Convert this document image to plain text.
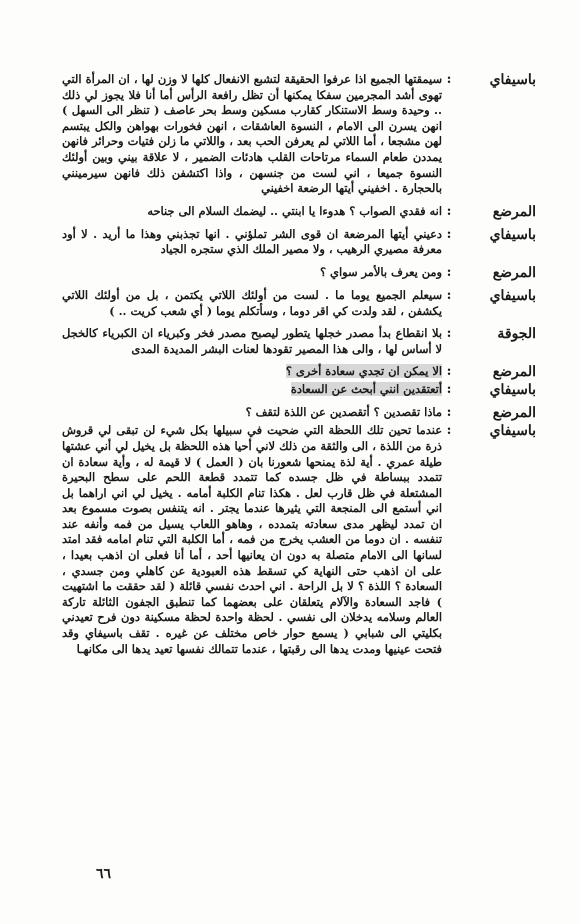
باسيفاي
:
سيمقتها الجميع اذا عرفوا الحقيقة لتشبع الانفعال كلها لا وزن لها ، ان المرأة التي تهوى أشد المجرمين سفكا يمكنها أن تظل رافعة الرأس أما أنا فلا يجوز لي ذلك .. وحيدة وسط الاستنكار كقارب مسكين وسط بحر عاصف ( تنظر الى السهل ) انهن يسرن الى الامام ، النسوة العاشقات ، انهن فخورات بهواهن والكل يبتسم لهن مشجعا ، أما اللاتي لم يعرفن الحب بعد ، واللاتي ما زلن فتيات وحرائر فانهن يمددن طعام السماء مرتاحات القلب هادئات الضمير ، لا علاقة بيني وبين أولئك النسوة جميعا ، اني لست من جنسهن ، واذا اكتشفن ذلك فانهن سيرمينني بالحجارة . اخفيني أيتها الرضعة اخفيني
المرضع
:
انه فقدي الصواب ؟ هدوءا يا ابنتي .. ليضمك السلام الى جناحه
باسيفاي
:
دعيني أيتها المرضعة ان قوى الشر تملؤني . انها تجذبني وهذا ما أريد . لا أود معرفة مصيري الرهيب ، ولا مصير الملك الذي ستجره الجياد
المرضع
:
ومن يعرف بالأمر سواي ؟
باسيفاي
:
سيعلم الجميع يوما ما . لست من أولئك اللاتي يكتمن ، بل من أولئك اللاتي يكشفن ، لقد ولدت كي اقر دوما ، وسأتكلم يوما ( أي شعب كريت .. )
الجوقة
:
بلا انقطاع بدأ مصدر خجلها يتطور ليصبح مصدر فخر وكبرياء ان الكبرياء كالخجل لا أساس لها ، والى هذا المصير تقودها لعنات البشر المديدة المدى
المرضع
:
الا يمكن ان تجدي سعادة أخرى ؟
باسيفاي
:
أتعتقدين انني أبحث عن السعادة
المرضع
:
ماذا تقصدين ؟ أتقصدين عن اللذة لتقف ؟
باسيفاي
:
عندما تحين تلك اللحظة التي ضحيت في سبيلها بكل شيء لن تبقى لي قروش ذرة من اللذة ، الى والثقة من ذلك لاني أحيا هذه اللحظة بل يخيل لي أني عشتها طيلة عمري . أية لذة يمنحها شعورنا بان ( العمل ) لا قيمة له ، وأية سعادة ان تتمدد ببساطة في ظل جسده كما تتمدد قطعة اللحم على سطح البحيرة المشتعلة في ظل قارب لعل . هكذا تنام الكلبة أمامه . يخيل لي اني اراهما بل اني أستمع الى المنجعة التي يثيرها عندما يجتر . انه يتنفس بصوت مسموع بعد ان تمدد ليظهر مدى سعادته بتمدده ، وهاهو اللعاب يسيل من فمه وأنفه عند تنفسه . ان دوما من العشب يخرج من فمه ، أما الكلبة التي تنام امامه فقد امتد لسانها الى الامام متصلة به دون ان يعانيها أحد ، أما أنا فعلى ان اذهب بعيدا ، على ان اذهب حتى النهاية كي تسقط هذه العبودية عن كاهلي ومن جسدي ، السعادة ؟ اللذة ؟ لا بل الراحة . اني احدث نفسي قائلة ( لقد حققت ما اشتهيت ) فاجد السعادة والآلام يتعلقان على بعضهما كما تنطبق الجفون الثائلة تاركة العالم وسلامه يدخلان الى نفسي . لحظة واحدة لحظة مسكينة دون فرح تعيدني بكليتي الى شبابي ( يسمع حوار خاص مختلف عن غيره . تقف باسيفاي وقد فتحت عينيها ومدت يدها الى رقبتها ، عندما تتمالك نفسها تعيد يدها الى مكانهـا
٦٦
